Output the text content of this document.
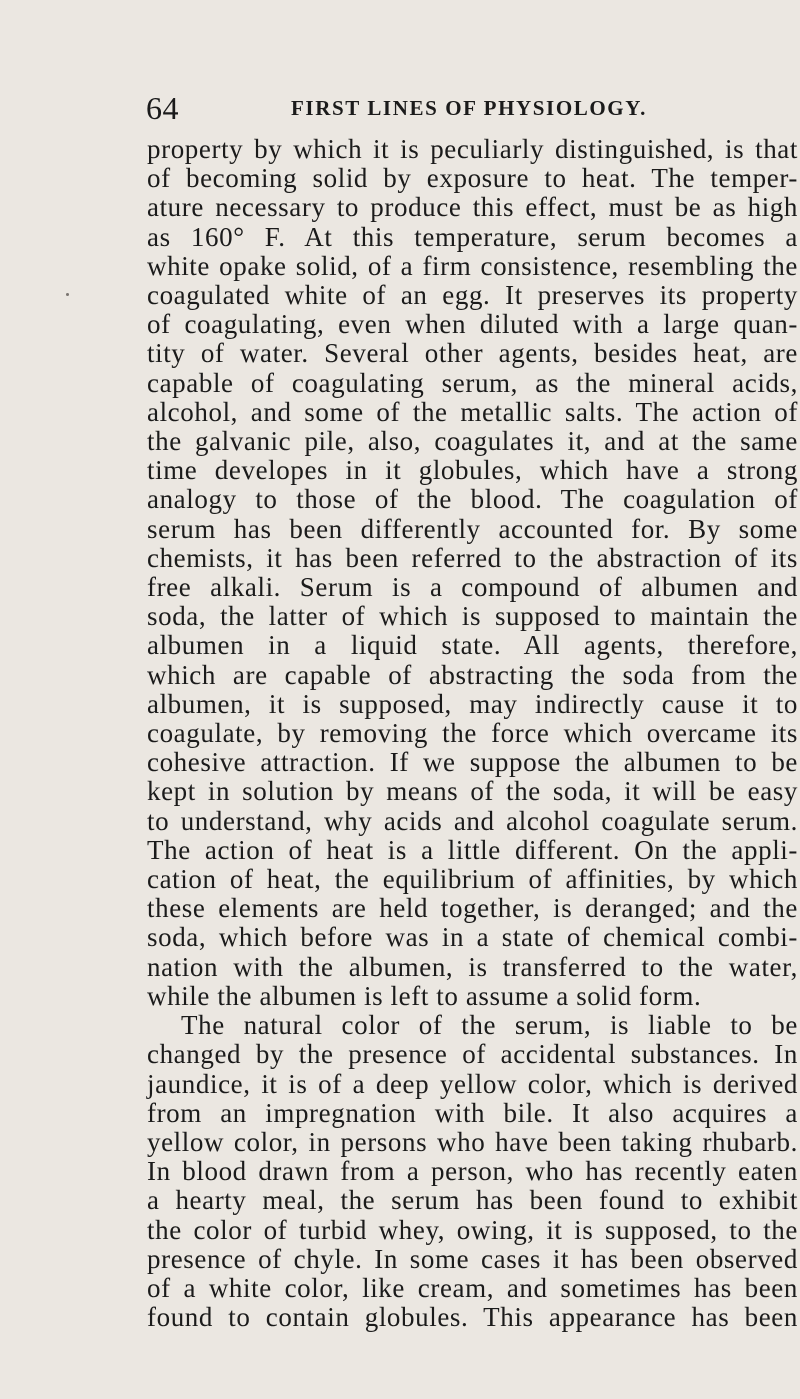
64	FIRST LINES OF PHYSIOLOGY.
property by which it is peculiarly distinguished, is that
of becoming solid by exposure to heat. The temper-
ature necessary to produce this effect, must be as high
as 160° F. At this temperature, serum becomes a
white opake solid, of a firm consistence, resembling the
coagulated white of an egg. It preserves its property
of coagulating, even when diluted with a large quan-
tity of water. Several other agents, besides heat, are
capable of coagulating serum, as the mineral acids,
alcohol, and some of the metallic salts. The action of
the galvanic pile, also, coagulates it, and at the same
time developes in it globules, which have a strong
analogy to those of the blood. The coagulation of
serum has been differently accounted for. By some
chemists, it has been referred to the abstraction of its
free alkali. Serum is a compound of albumen and
soda, the latter of which is supposed to maintain the
albumen in a liquid state. All agents, therefore,
which are capable of abstracting the soda from the
albumen, it is supposed, may indirectly cause it to
coagulate, by removing the force which overcame its
cohesive attraction. If we suppose the albumen to be
kept in solution by means of the soda, it will be easy
to understand, why acids and alcohol coagulate serum.
The action of heat is a little different. On the appli-
cation of heat, the equilibrium of affinities, by which
these elements are held together, is deranged; and the
soda, which before was in a state of chemical combi-
nation with the albumen, is transferred to the water,
while the albumen is left to assume a solid form.
The natural color of the serum, is liable to be
changed by the presence of accidental substances. In
jaundice, it is of a deep yellow color, which is derived
from an impregnation with bile. It also acquires a
yellow color, in persons who have been taking rhubarb.
In blood drawn from a person, who has recently eaten
a hearty meal, the serum has been found to exhibit
the color of turbid whey, owing, it is supposed, to the
presence of chyle. In some cases it has been observed
of a white color, like cream, and sometimes has been
found to contain globules. This appearance has been
